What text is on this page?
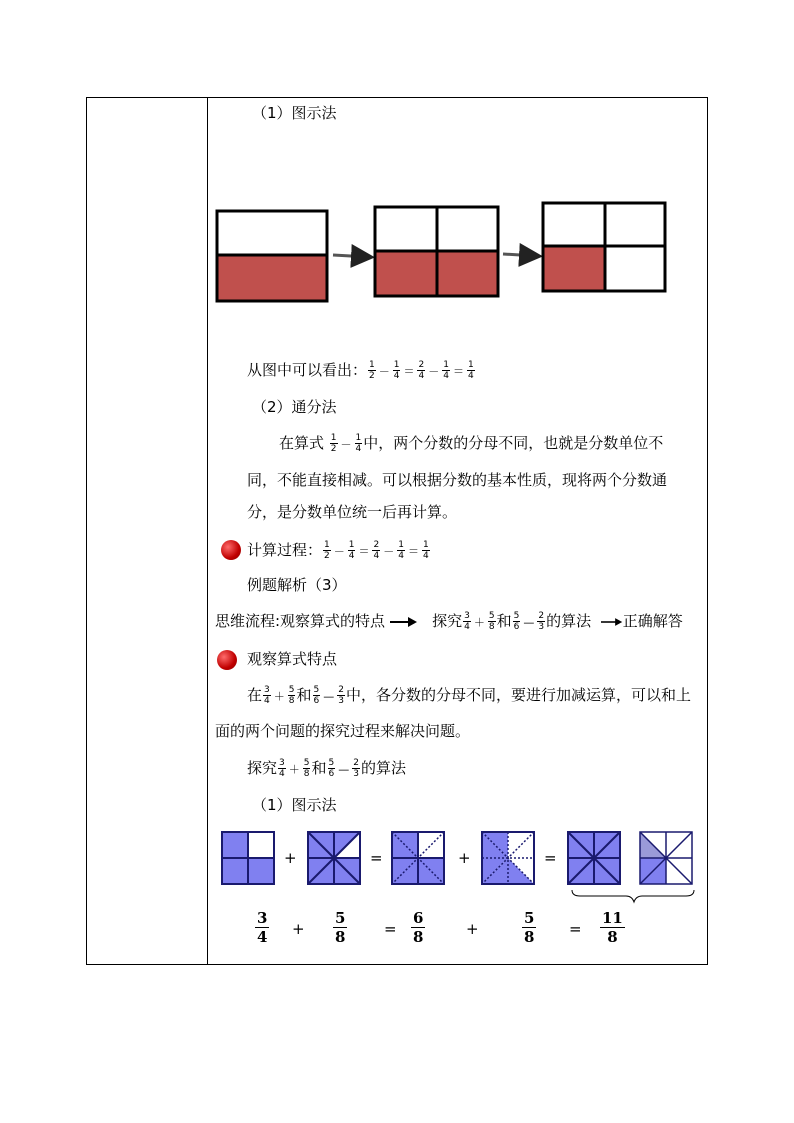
（1）图示法
从图中可以看出： $\frac{1}{2} - \frac{1}{4} = \frac{2}{4} - \frac{1}{4} = \frac{1}{4}$
（2）通分法
在算式 $\frac{1}{2} - \frac{1}{4}$ 中，两个分数的分母不同，也就是分数单位不
同，不能直接相减。可以根据分数的基本性质，现将两个分数通
分，是分数单位统一后再计算。
计算过程： $\frac{1}{2} - \frac{1}{4} = \frac{2}{4} - \frac{1}{4} = \frac{1}{4}$
例题解析（3）
思维流程:观察算式的特点	探究 $\frac{3}{4} + \frac{5}{8}$ 和 $\frac{5}{6}$ — $\frac{2}{3}$ 的算法 正确解答
观察算式特点
在 $\frac{3}{4} + \frac{5}{8}$ 和 $\frac{5}{6}$ — $\frac{2}{3}$ 中，各分数的分母不同，要进行加减运算，可以和上
面的两个问题的探究过程来解决问题。
探究 $\frac{3}{4} + \frac{5}{8}$ 和 $\frac{5}{6}$ — $\frac{2}{3}$ 的算法
（1）图示法
+	=	+	=
3
4 +
5
8	=
6
8	+
5
8 =
11
8
